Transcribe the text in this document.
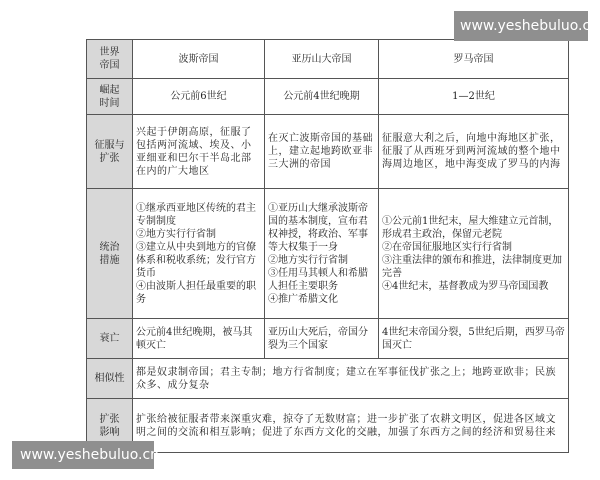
www.yeshebuluo.cn
www.yeshebuluo.cn
世界
帝国	波斯帝国	亚历山大帝国	罗马帝国

崛起
时间	公元前6世纪	公元前4世纪晚期	1—2世纪

征服与
扩张	兴起于伊朗高原，征服了包括两河流域、埃及、小亚细亚和巴尔干半岛北部在内的广大地区	在灭亡波斯帝国的基础上，建立起地跨欧亚非三大洲的帝国	征服意大利之后，向地中海地区扩张，征服了从西班牙到两河流域的整个地中海周边地区，地中海变成了罗马的内海

统治
措施	①继承西亚地区传统的君主专制制度
②地方实行行省制
③建立从中央到地方的官僚体系和税收系统；发行官方货币
④由波斯人担任最重要的职务	①亚历山大继承波斯帝国的基本制度，宣布君权神授，将政治、军事等大权集于一身
②地方实行行省制
③任用马其顿人和希腊人担任主要职务
④推广希腊文化	①公元前1世纪末，屋大维建立元首制，形成君主政治，保留元老院
②在帝国征服地区实行行省制
③注重法律的颁布和推进，法律制度更加完善
④4世纪末，基督教成为罗马帝国国教

衰亡	公元前4世纪晚期，被马其顿灭亡	亚历山大死后，帝国分裂为三个国家	4世纪末帝国分裂，5世纪后期，西罗马帝国灭亡

相似性	都是奴隶制帝国；君主专制；地方行省制度；建立在军事征伐扩张之上；地跨亚欧非；民族众多、成分复杂		

扩张
影响	扩张给被征服者带来深重灾难，掠夺了无数财富；进一步扩张了农耕文明区，促进各区域文明之间的交流和相互影响；促进了东西方文化的交融，加强了东西方之间的经济和贸易往来		
